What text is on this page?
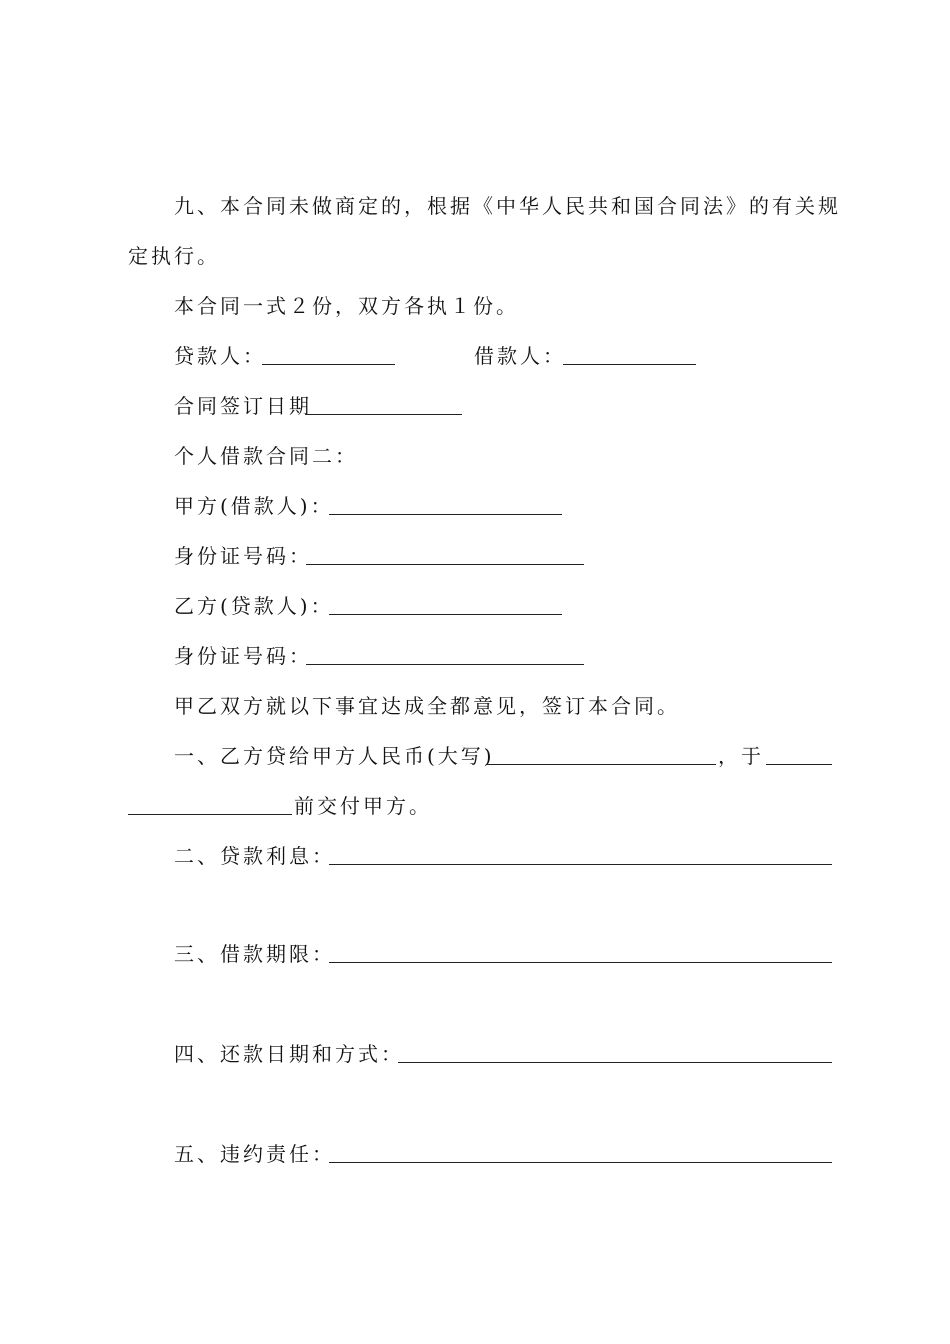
九、本合同未做商定的，根据《中华人民共和国合同法》的有关规
定执行。
本合同一式２份，双方各执１份。
贷款人：	借款人：
合同签订日期
个人借款合同二：
甲方(借款人)：
身份证号码：
乙方(贷款人)：
身份证号码：
甲乙双方就以下事宜达成全都意见，签订本合同。
一、乙方贷给甲方人民币(大写)	，于
前交付甲方。
二、贷款利息：
三、借款期限：
四、还款日期和方式：
五、违约责任：
